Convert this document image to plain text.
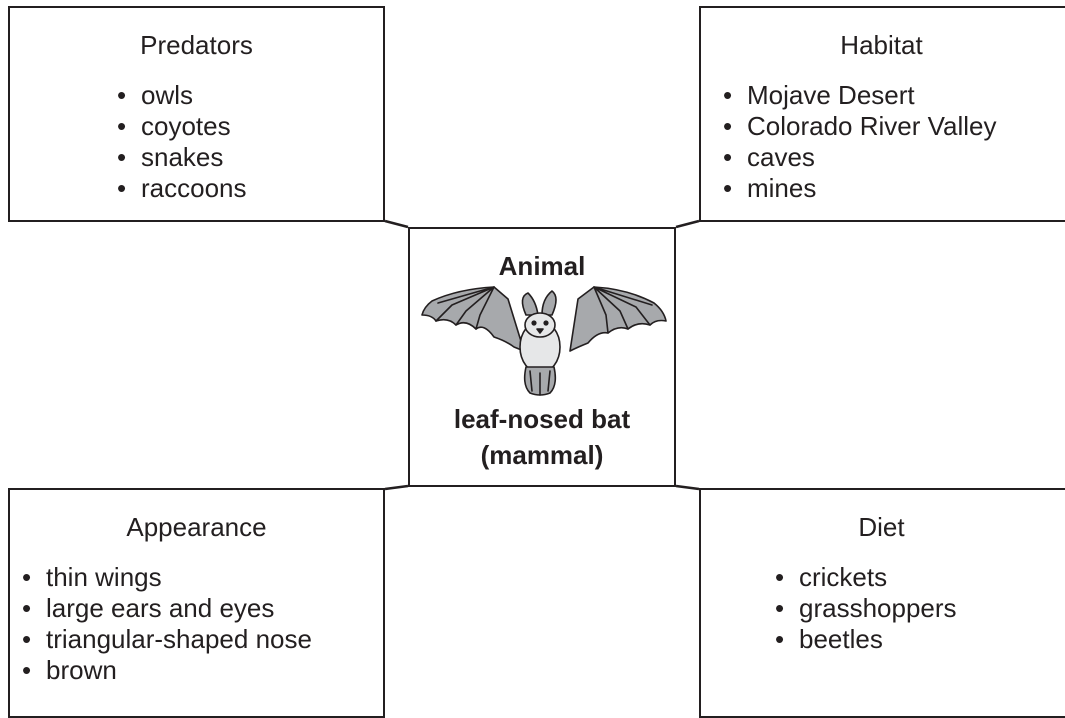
Predators
• owls
• coyotes
• snakes
• raccoons
Habitat
• Mojave Desert
• Colorado River Valley
• caves
• mines
Animal
leaf-nosed bat
(mammal)
Appearance
• thin wings
• large ears and eyes
• triangular-shaped nose
• brown
Diet
• crickets
• grasshoppers
• beetles
